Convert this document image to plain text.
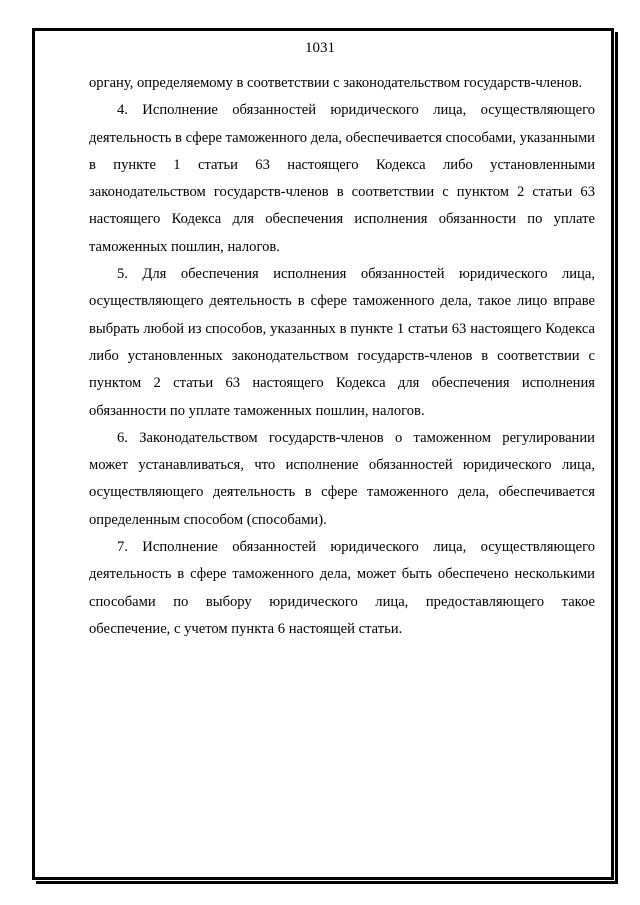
1031

органу, определяемому в соответствии с законодательством государств-членов.

4. Исполнение обязанностей юридического лица, осуществляющего деятельность в сфере таможенного дела, обеспечивается способами, указанными в пункте 1 статьи 63 настоящего Кодекса либо установленными законодательством государств-членов в соответствии с пунктом 2 статьи 63 настоящего Кодекса для обеспечения исполнения обязанности по уплате таможенных пошлин, налогов.

5. Для обеспечения исполнения обязанностей юридического лица, осуществляющего деятельность в сфере таможенного дела, такое лицо вправе выбрать любой из способов, указанных в пункте 1 статьи 63 настоящего Кодекса либо установленных законодательством государств-членов в соответствии с пунктом 2 статьи 63 настоящего Кодекса для обеспечения исполнения обязанности по уплате таможенных пошлин, налогов.

6. Законодательством государств-членов о таможенном регулировании может устанавливаться, что исполнение обязанностей юридического лица, осуществляющего деятельность в сфере таможенного дела, обеспечивается определенным способом (способами).

7. Исполнение обязанностей юридического лица, осуществляющего деятельность в сфере таможенного дела, может быть обеспечено несколькими способами по выбору юридического лица, предоставляющего такое обеспечение, с учетом пункта 6 настоящей статьи.
